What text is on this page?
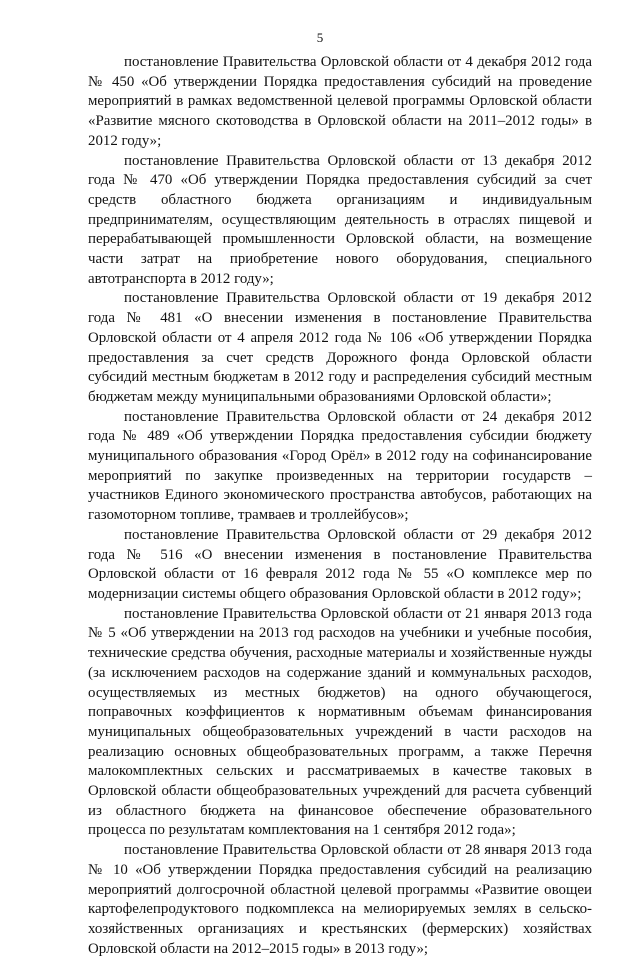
5

постановление Правительства Орловской области от 4 декабря 2012 года № 450 «Об утверждении Порядка предоставления субсидий на проведение мероприятий в рамках ведомственной целевой программы Орловской области «Развитие мясного скотоводства в Орловской области на 2011–2012 годы» в 2012 году»;

постановление Правительства Орловской области от 13 декабря 2012 года № 470 «Об утверждении Порядка предоставления субсидий за счет средств областного бюджета организациям и индивидуальным предпринимателям, осуществляющим деятельность в отраслях пищевой и перерабатывающей промышленности Орловской области, на возмещение части затрат на приобретение нового оборудования, специального автотранспорта в 2012 году»;

постановление Правительства Орловской области от 19 декабря 2012 года № 481 «О внесении изменения в постановление Правительства Орловской области от 4 апреля 2012 года № 106 «Об утверждении Порядка предоставления за счет средств Дорожного фонда Орловской области субсидий местным бюджетам в 2012 году и распределения субсидий местным бюджетам между муниципальными образованиями Орловской области»;

постановление Правительства Орловской области от 24 декабря 2012 года № 489 «Об утверждении Порядка предоставления субсидии бюджету муниципального образования «Город Орёл» в 2012 году на софинансирование мероприятий по закупке произведенных на территории государств – участников Единого экономического пространства автобусов, работающих на газомоторном топливе, трамваев и троллейбусов»;

постановление Правительства Орловской области от 29 декабря 2012 года № 516 «О внесении изменения в постановление Правительства Орловской области от 16 февраля 2012 года № 55 «О комплексе мер по модернизации системы общего образования Орловской области в 2012 году»;

постановление Правительства Орловской области от 21 января 2013 года № 5 «Об утверждении на 2013 год расходов на учебники и учебные пособия, технические средства обучения, расходные материалы и хозяйственные нужды (за исключением расходов на содержание зданий и коммунальных расходов, осуществляемых из местных бюджетов) на одного обучающегося, поправочных коэффициентов к нормативным объемам финансирования муниципальных общеобразовательных учреждений в части расходов на реализацию основных общеобразовательных программ, а также Перечня малокомплектных сельских и рассматриваемых в качестве таковых в Орловской области общеобразовательных учреждений для расчета субвенций из областного бюджета на финансовое обеспечение образовательного процесса по результатам комплектования на 1 сентября 2012 года»;

постановление Правительства Орловской области от 28 января 2013 года № 10 «Об утверждении Порядка предоставления субсидий на реализацию мероприятий долгосрочной областной целевой программы «Развитие овощеи картофелепродуктового подкомплекса на мелиорируемых землях в сельскохозяйственных организациях и крестьянских (фермерских) хозяйствах Орловской области на 2012–2015 годы» в 2013 году»;
